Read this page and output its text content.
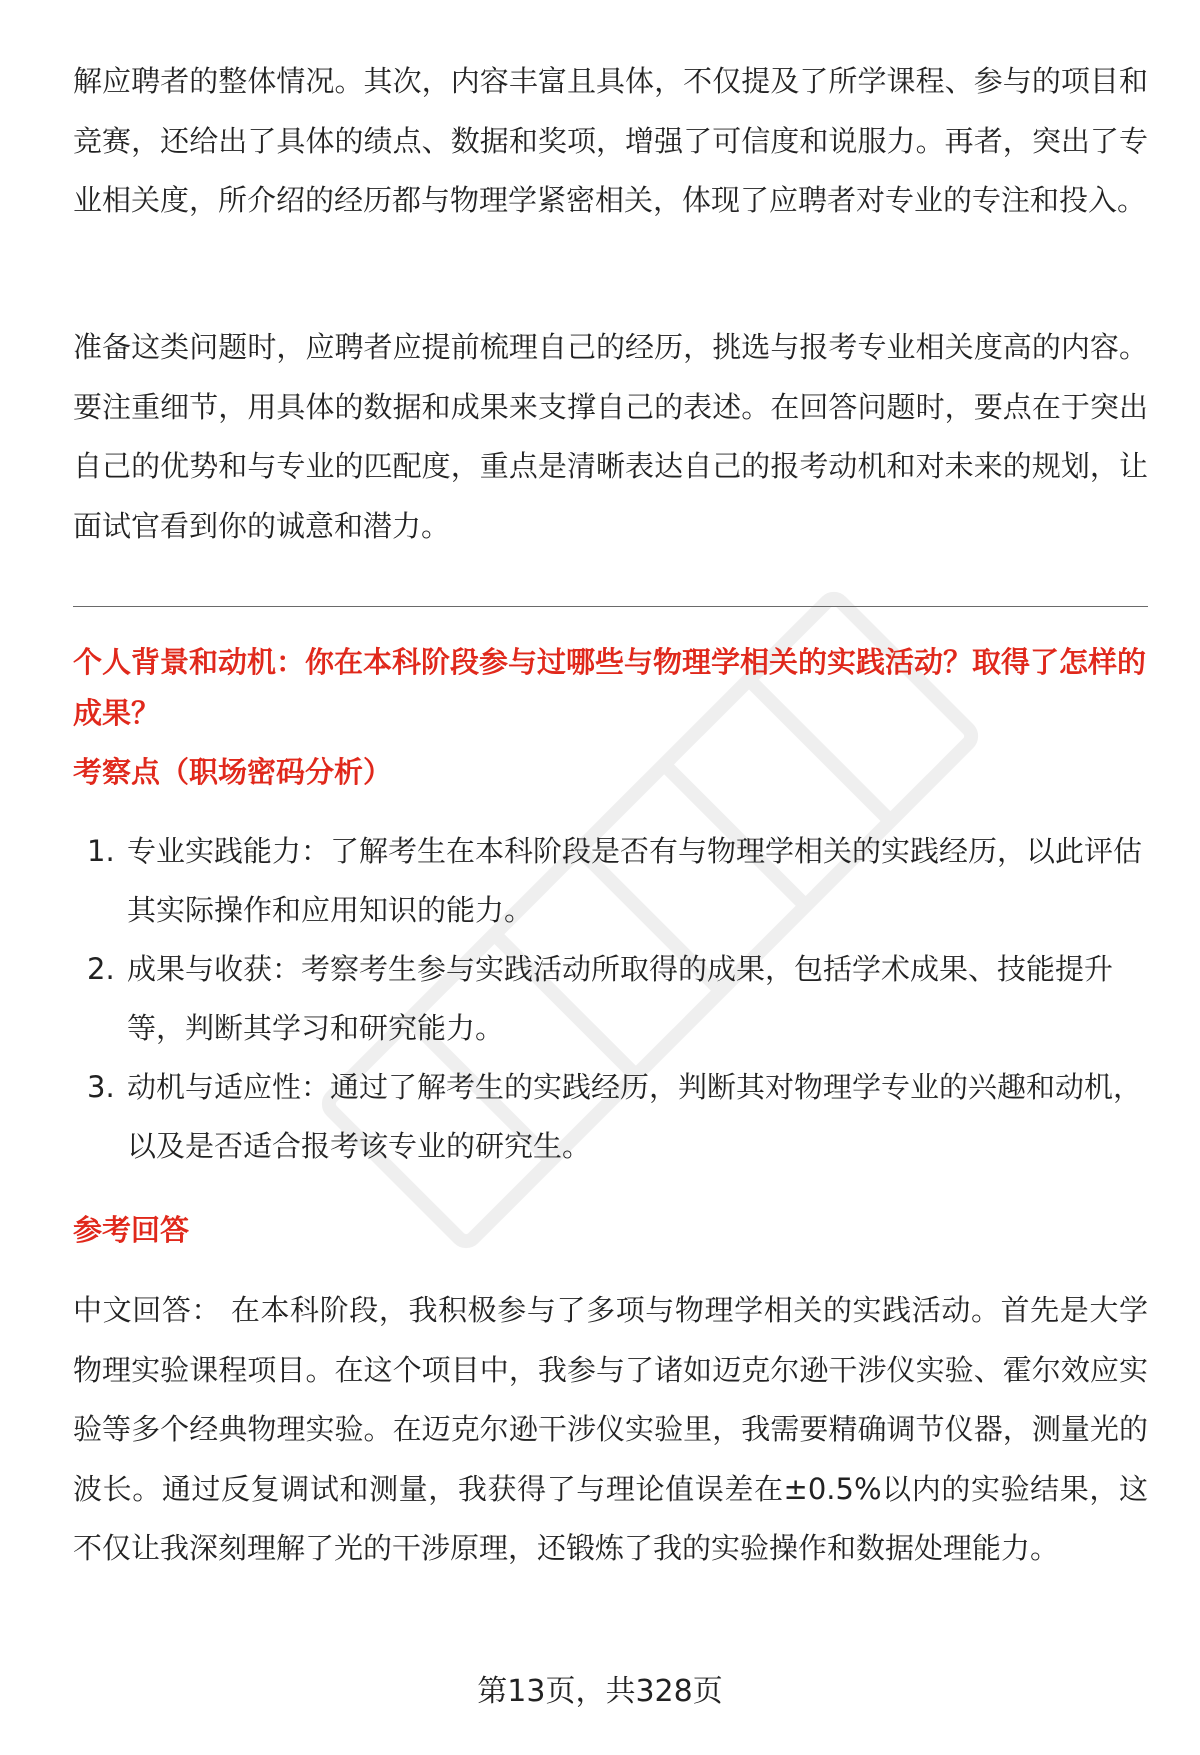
解应聘者的整体情况。其次，内容丰富且具体，不仅提及了所学课程、参与的项目和竞赛，还给出了具体的绩点、数据和奖项，增强了可信度和说服力。再者，突出了专业相关度，所介绍的经历都与物理学紧密相关，体现了应聘者对专业的专注和投入。

准备这类问题时，应聘者应提前梳理自己的经历，挑选与报考专业相关度高的内容。要注重细节，用具体的数据和成果来支撑自己的表述。在回答问题时，要点在于突出自己的优势和与专业的匹配度，重点是清晰表达自己的报考动机和对未来的规划，让面试官看到你的诚意和潜力。

个人背景和动机：你在本科阶段参与过哪些与物理学相关的实践活动？取得了怎样的成果？

考察点（职场密码分析）

1. 专业实践能力：了解考生在本科阶段是否有与物理学相关的实践经历，以此评估其实际操作和应用知识的能力。
2. 成果与收获：考察考生参与实践活动所取得的成果，包括学术成果、技能提升等，判断其学习和研究能力。
3. 动机与适应性：通过了解考生的实践经历，判断其对物理学专业的兴趣和动机，以及是否适合报考该专业的研究生。

参考回答

中文回答： 在本科阶段，我积极参与了多项与物理学相关的实践活动。首先是大学物理实验课程项目。在这个项目中，我参与了诸如迈克尔逊干涉仪实验、霍尔效应实验等多个经典物理实验。在迈克尔逊干涉仪实验里，我需要精确调节仪器，测量光的波长。通过反复调试和测量，我获得了与理论值误差在±0.5%以内的实验结果，这不仅让我深刻理解了光的干涉原理，还锻炼了我的实验操作和数据处理能力。

第13页，共328页
